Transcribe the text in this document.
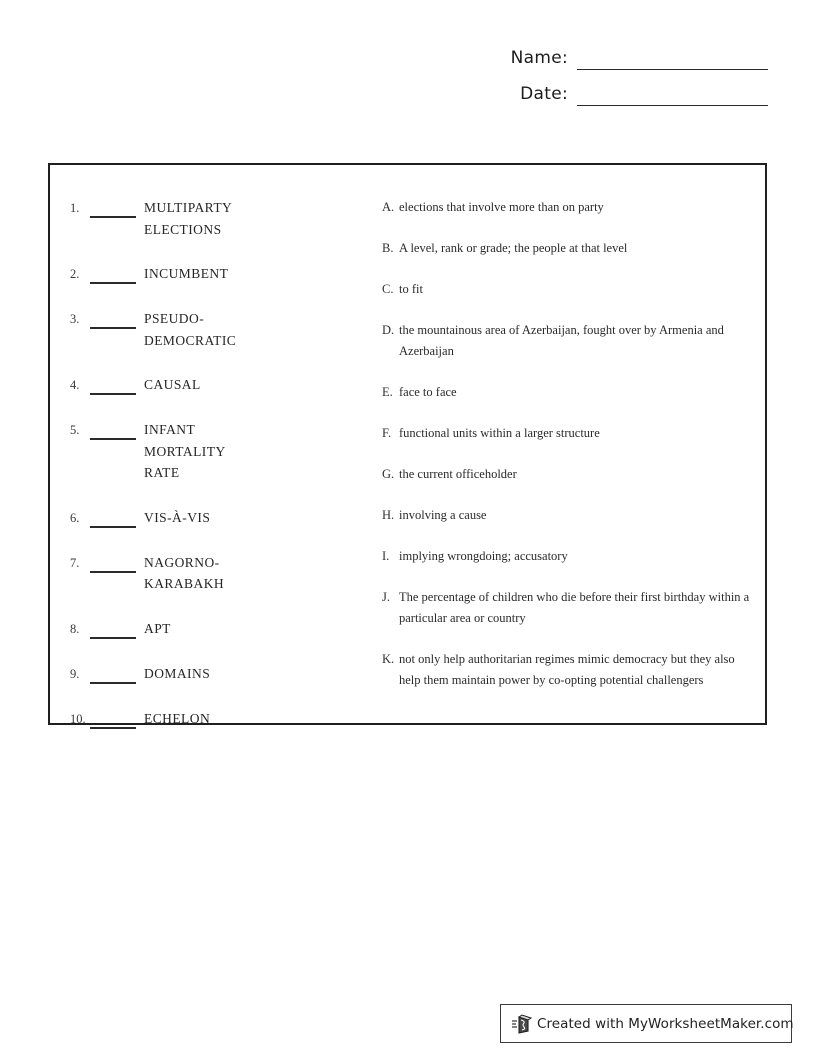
Name:
Date:
1.	MULTIPARTY ELECTIONS
2.	INCUMBENT
3.	PSEUDO-DEMOCRATIC
4.	CAUSAL
5.	INFANT MORTALITY RATE
6.	VIS-À-VIS
7.	NAGORNO-KARABAKH
8.	APT
9.	DOMAINS
10.	ECHELON
A. elections that involve more than on party
B. A level, rank or grade; the people at that level
C. to fit
D. the mountainous area of Azerbaijan, fought over by Armenia and Azerbaijan
E. face to face
F. functional units within a larger structure
G. the current officeholder
H. involving a cause
I. implying wrongdoing; accusatory
J. The percentage of children who die before their first birthday within a particular area or country
K. not only help authoritarian regimes mimic democracy but they also help them maintain power by co-opting potential challengers
Created with MyWorksheetMaker.com
